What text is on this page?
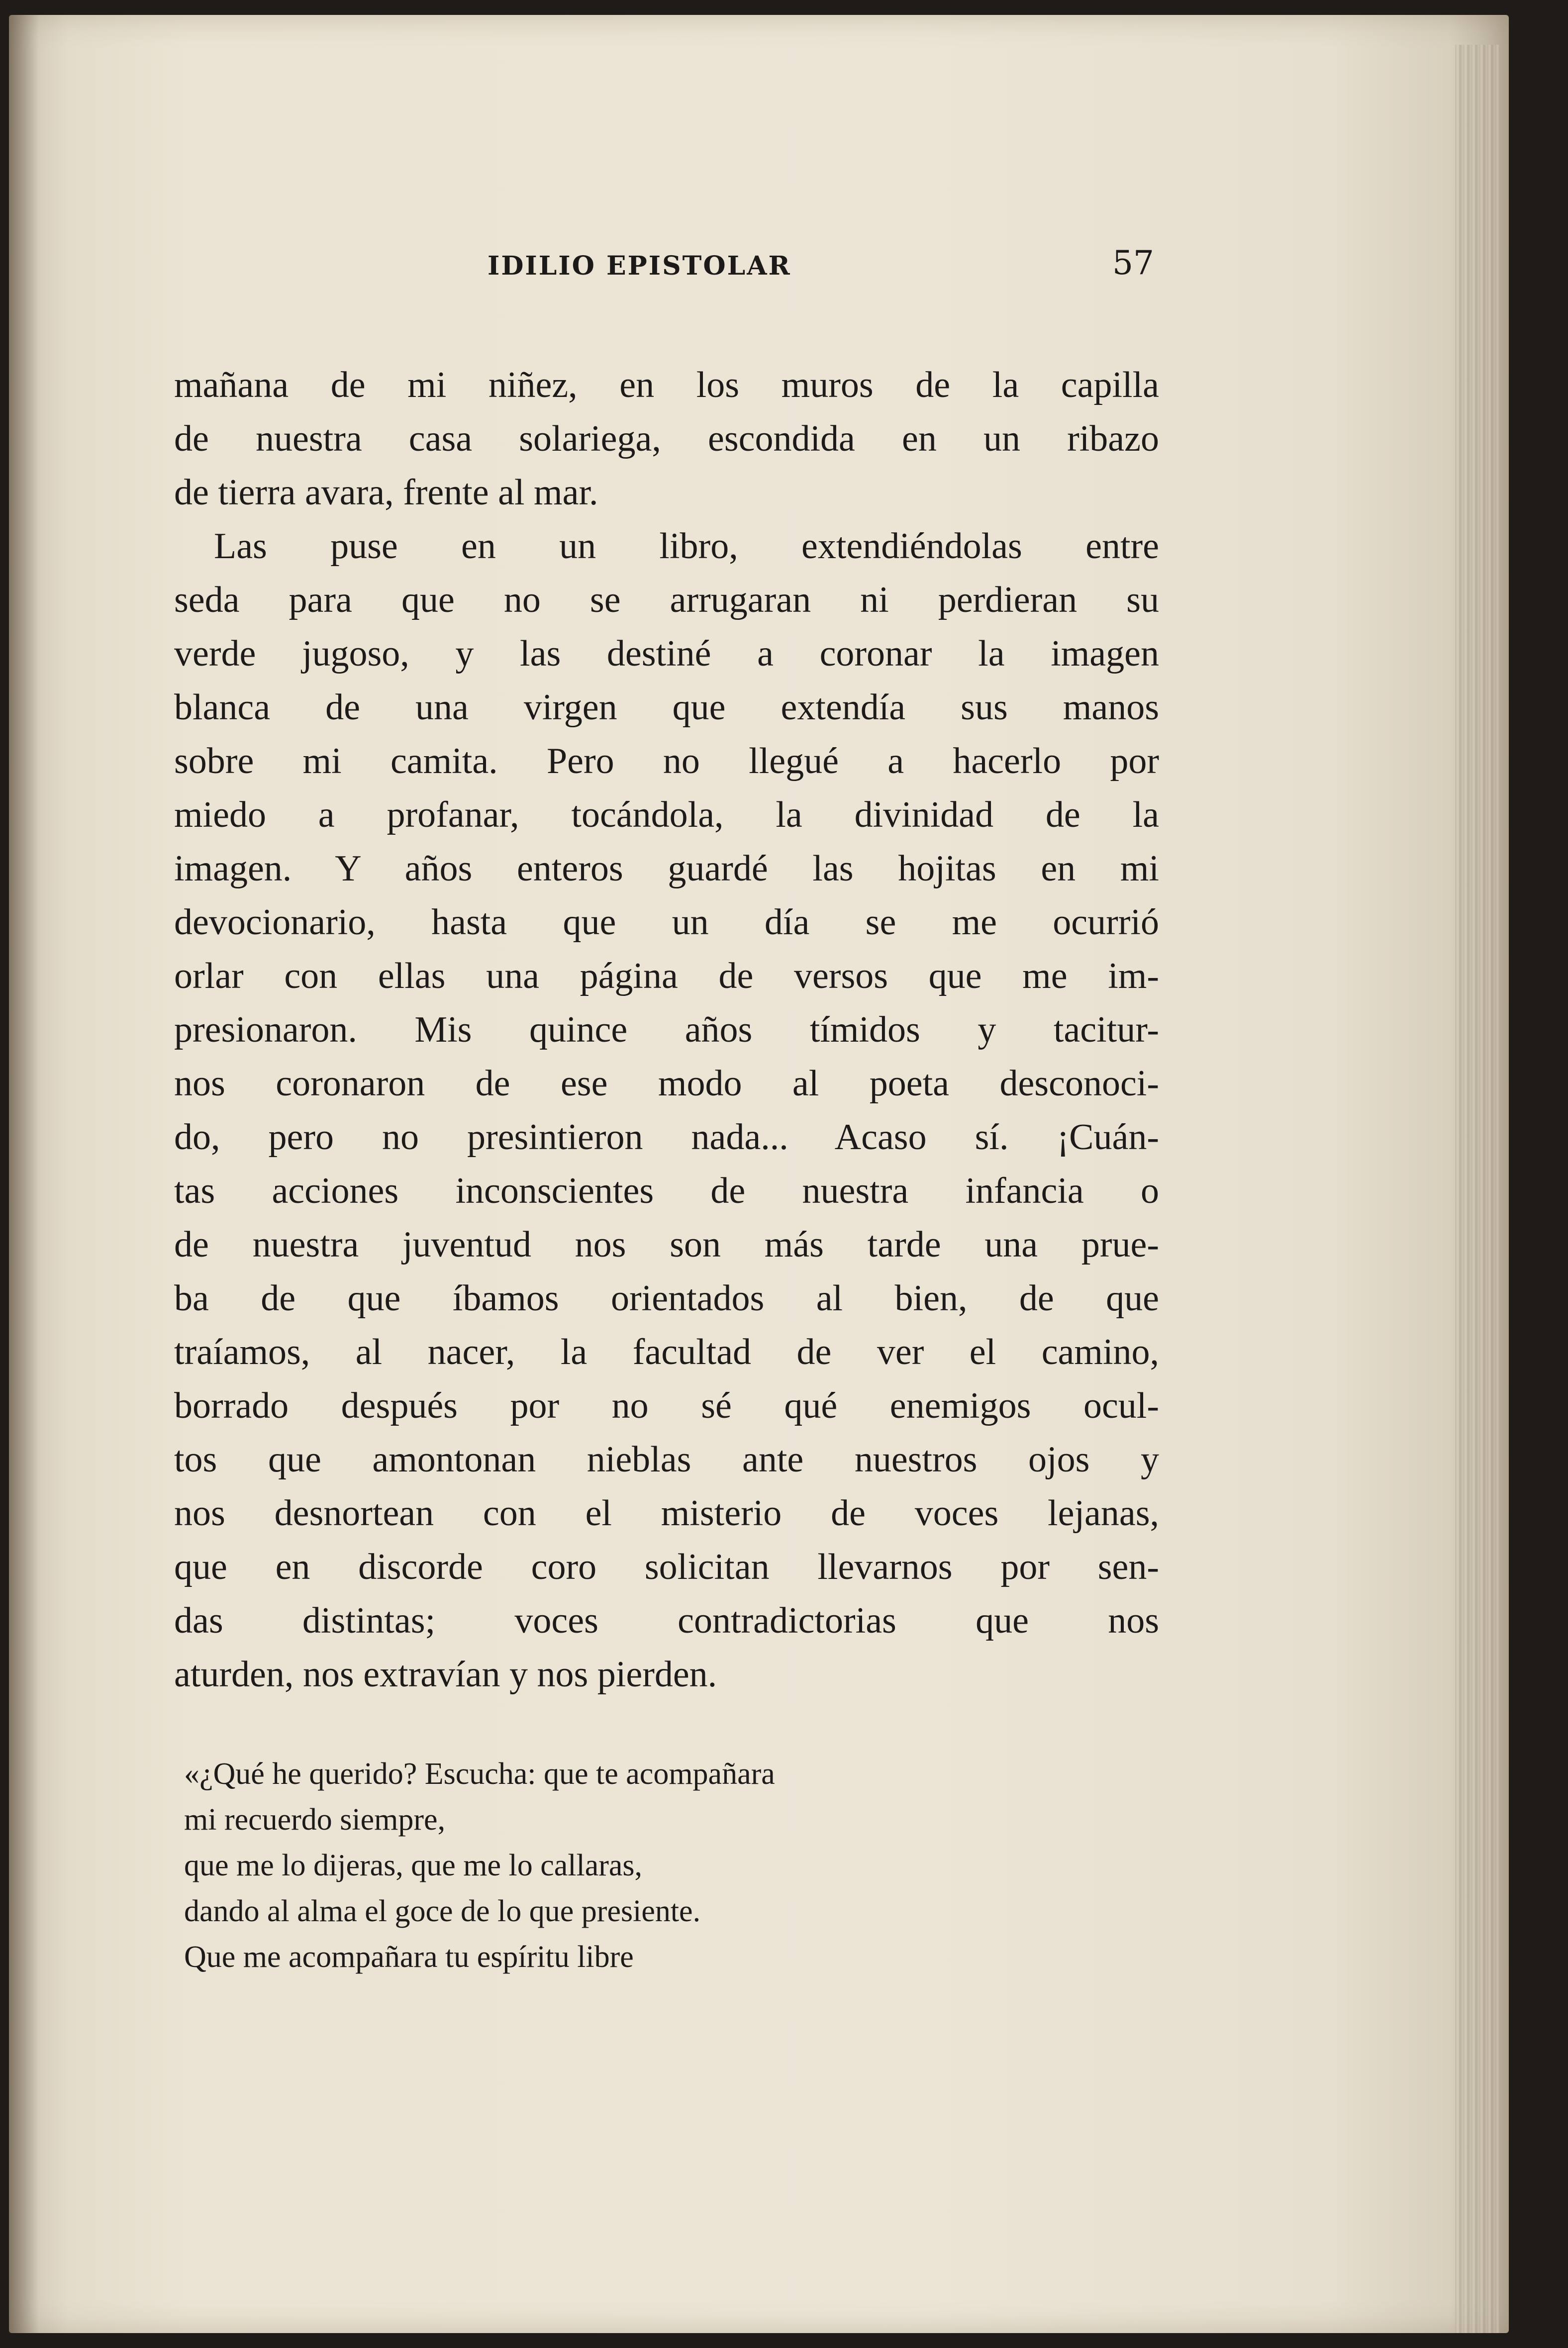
IDILIO EPISTOLAR	57
mañana de mi niñez, en los muros de la capilla
de nuestra casa solariega, escondida en un ribazo
de tierra avara, frente al mar.
Las puse en un libro, extendiéndolas entre
seda para que no se arrugaran ni perdieran su
verde jugoso, y las destiné a coronar la imagen
blanca de una virgen que extendía sus manos
sobre mi camita. Pero no llegué a hacerlo por
miedo a profanar, tocándola, la divinidad de la
imagen. Y años enteros guardé las hojitas en mi
devocionario, hasta que un día se me ocurrió
orlar con ellas una página de versos que me im-
presionaron. Mis quince años tímidos y tacitur-
nos coronaron de ese modo al poeta desconoci-
do, pero no presintieron nada... Acaso sí. ¡Cuán-
tas acciones inconscientes de nuestra infancia o
de nuestra juventud nos son más tarde una prue-
ba de que íbamos orientados al bien, de que
traíamos, al nacer, la facultad de ver el camino,
borrado después por no sé qué enemigos ocul-
tos que amontonan nieblas ante nuestros ojos y
nos desnortean con el misterio de voces lejanas,
que en discorde coro solicitan llevarnos por sen-
das distintas; voces contradictorias que nos
aturden, nos extravían y nos pierden.
«¿Qué he querido? Escucha: que te acompañara
mi recuerdo siempre,
que me lo dijeras, que me lo callaras,
dando al alma el goce de lo que presiente.
Que me acompañara tu espíritu libre
